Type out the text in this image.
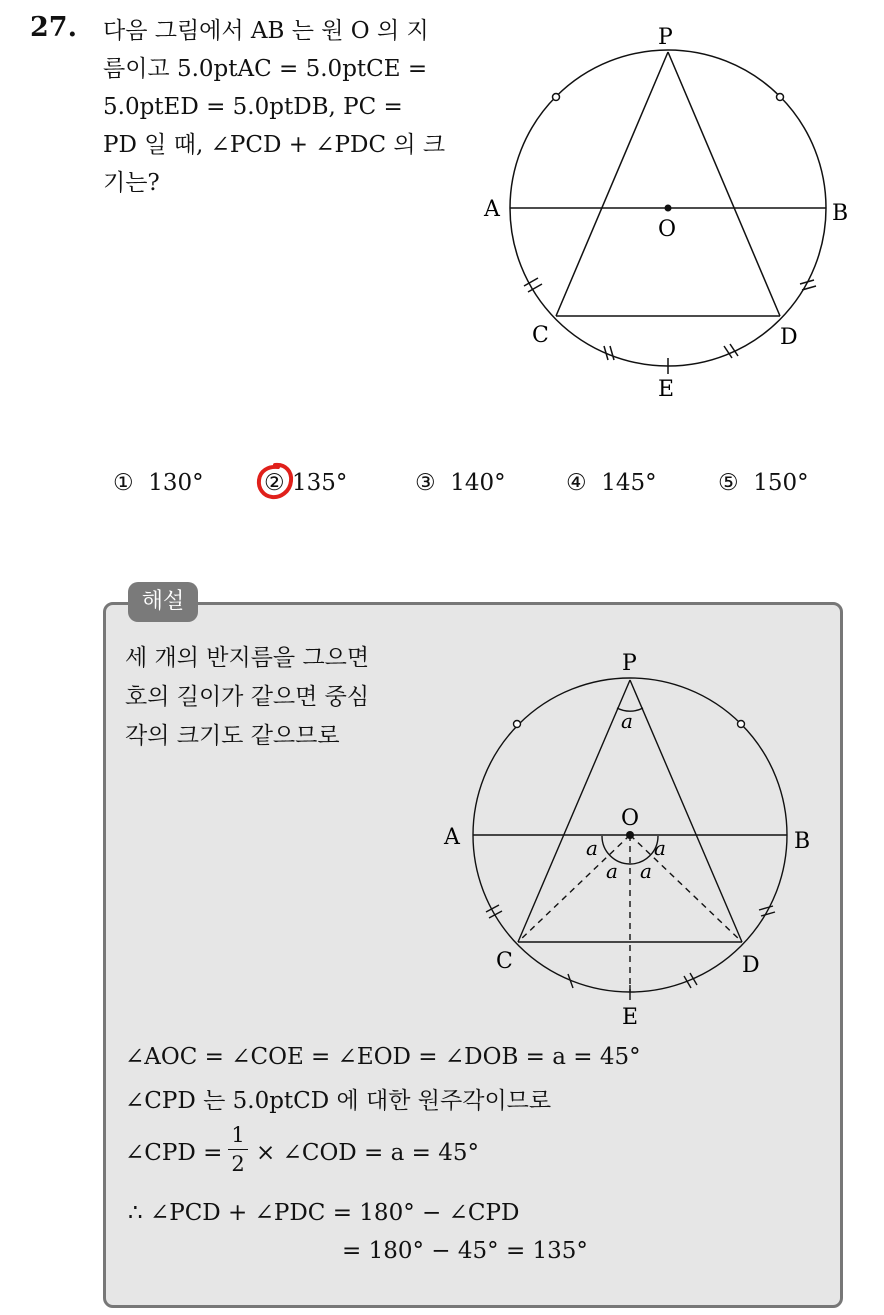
27. 다음 그림에서 AB 는 원 O 의 지
름이고 5.0ptAC = 5.0ptCE =
5.0ptED = 5.0ptDB, PC =
PD 일 때, ∠PCD + ∠PDC 의 크
기는?
P
A	B
O
C	D
E
① 130°	② 135°	③ 140°	④ 145°	⑤ 150°
해설
세 개의 반지름을 그으면
호의 길이가 같으면 중심
각의 크기도 같으므로
P
A	B
O
C	D
E
a
a
a a
a
∠AOC = ∠COE = ∠EOD = ∠DOB = a = 45°
∠CPD 는 5.0ptCD 에 대한 원주각이므로
∠CPD =
1
2 × ∠COD = a = 45°
∴ ∠PCD + ∠PDC = 180° − ∠CPD
= 180° − 45° = 135°
